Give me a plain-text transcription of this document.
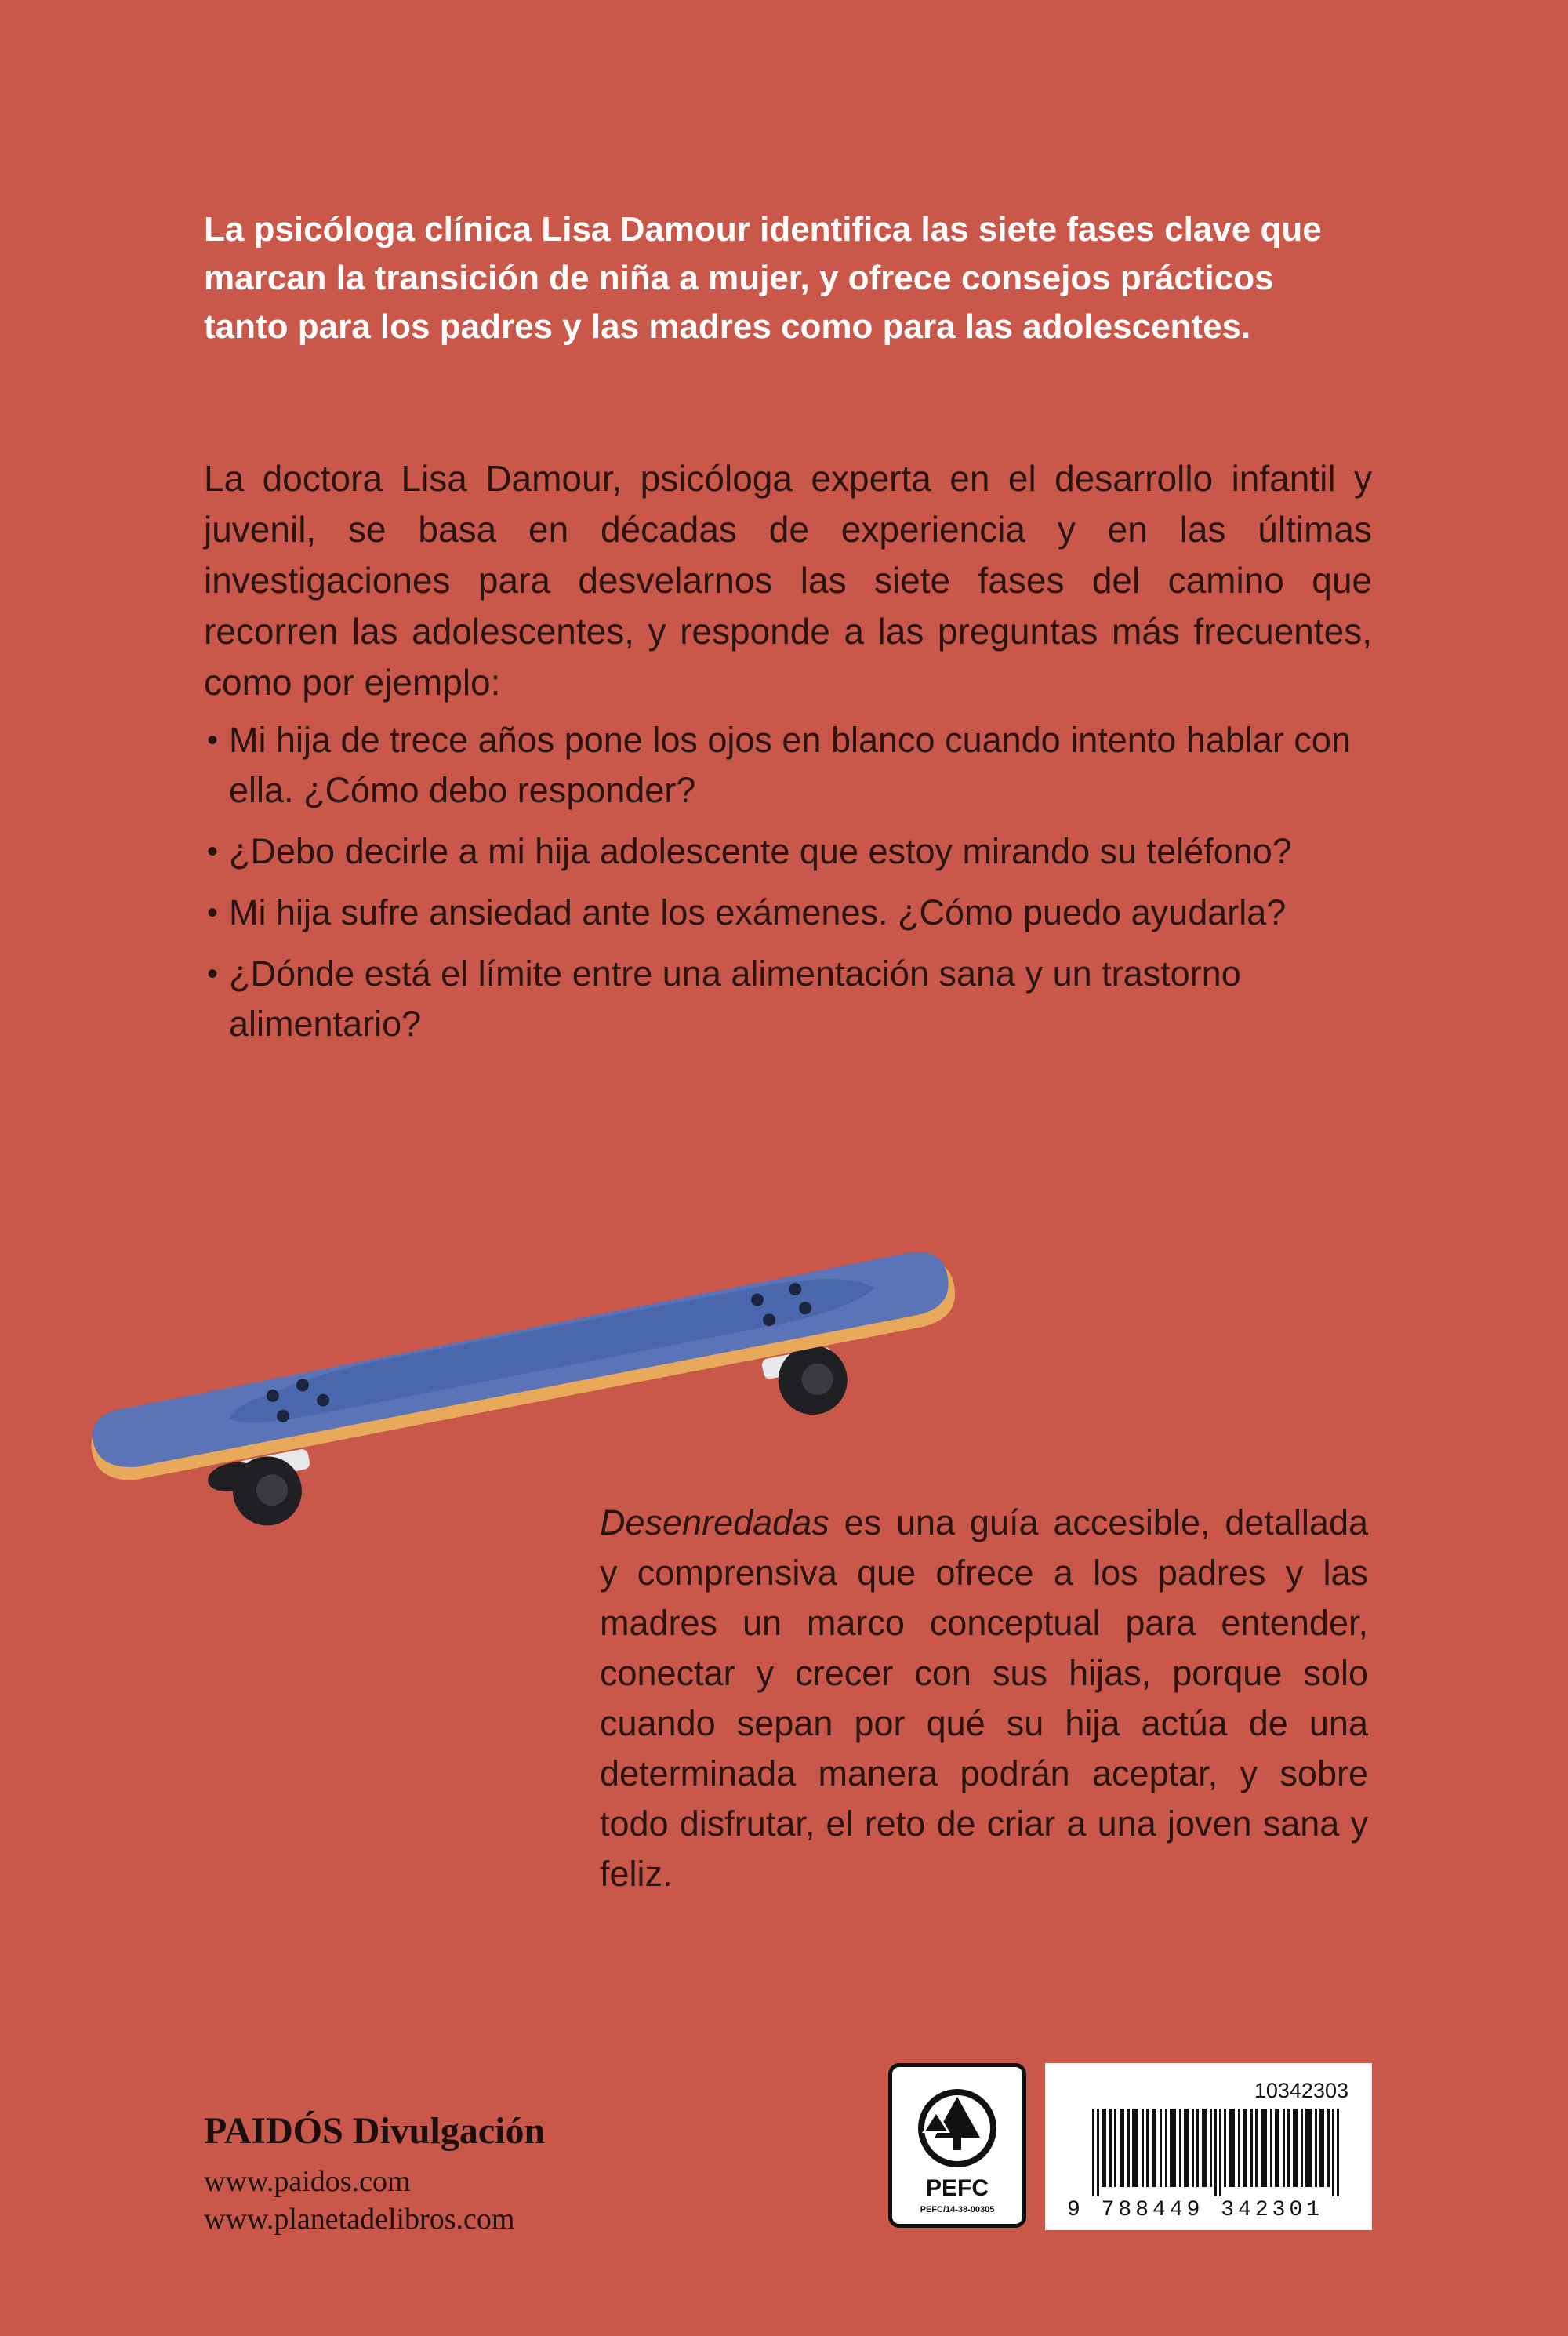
La psicóloga clínica Lisa Damour identifica las siete fases clave que marcan la transición de niña a mujer, y ofrece consejos prácticos tanto para los padres y las madres como para las adolescentes.

La doctora Lisa Damour, psicóloga experta en el desarrollo infantil y juvenil, se basa en décadas de experiencia y en las últimas investigaciones para desvelarnos las siete fases del camino que recorren las adolescentes, y responde a las preguntas más frecuentes, como por ejemplo:

• Mi hija de trece años pone los ojos en blanco cuando intento hablar con ella. ¿Cómo debo responder?
• ¿Debo decirle a mi hija adolescente que estoy mirando su teléfono?
• Mi hija sufre ansiedad ante los exámenes. ¿Cómo puedo ayudarla?
• ¿Dónde está el límite entre una alimentación sana y un trastorno alimentario?

Desenredadas es una guía accesible, detallada y comprensiva que ofrece a los padres y las madres un marco conceptual para entender, conectar y crecer con sus hijas, porque solo cuando sepan por qué su hija actúa de una determinada manera podrán aceptar, y sobre todo disfrutar, el reto de criar a una joven sana y feliz.

PAIDÓS Divulgación

www.paidos.com

www.planetadelibros.com

PEFC

PEFC/14-38-00305

10342303

9 788449 342301
